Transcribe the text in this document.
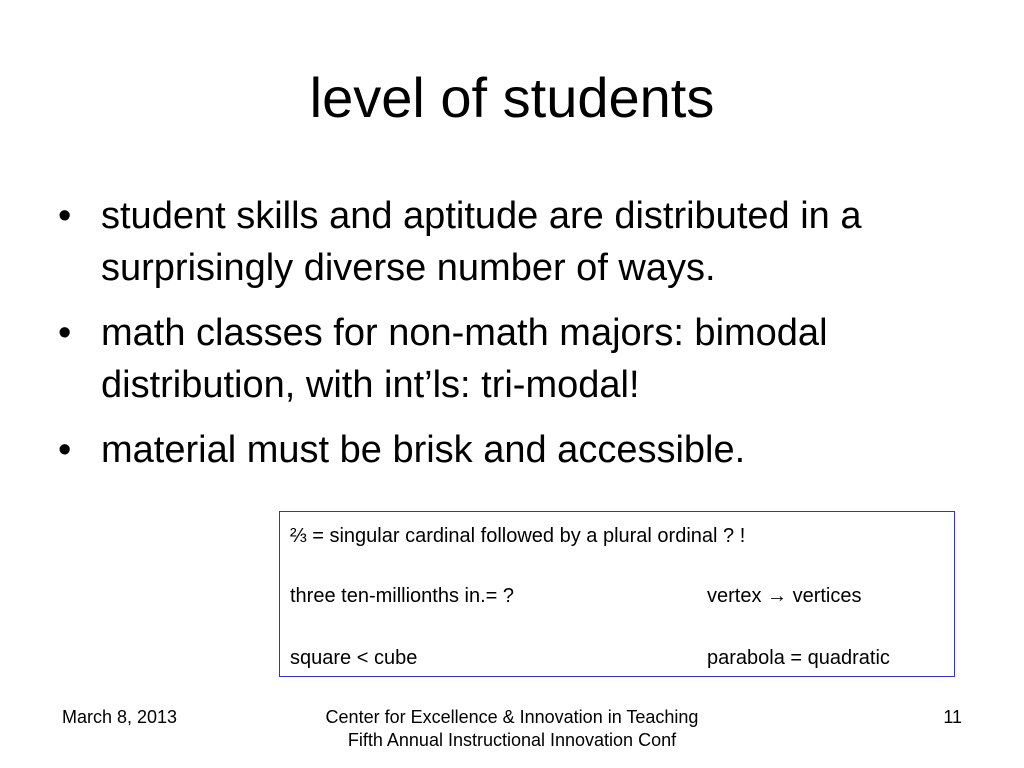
level of students
• student skills and aptitude are distributed in a surprisingly diverse number of ways.
• math classes for non-math majors: bimodal distribution, with int’ls: tri-modal!
• material must be brisk and accessible.
⅔ = singular cardinal followed by a plural ordinal ? !
three ten-millionths in.= ?	vertex → vertices
square < cube	parabola = quadratic
March 8, 2013	Center for Excellence & Innovation in Teaching
Fifth Annual Instructional Innovation Conf
11
